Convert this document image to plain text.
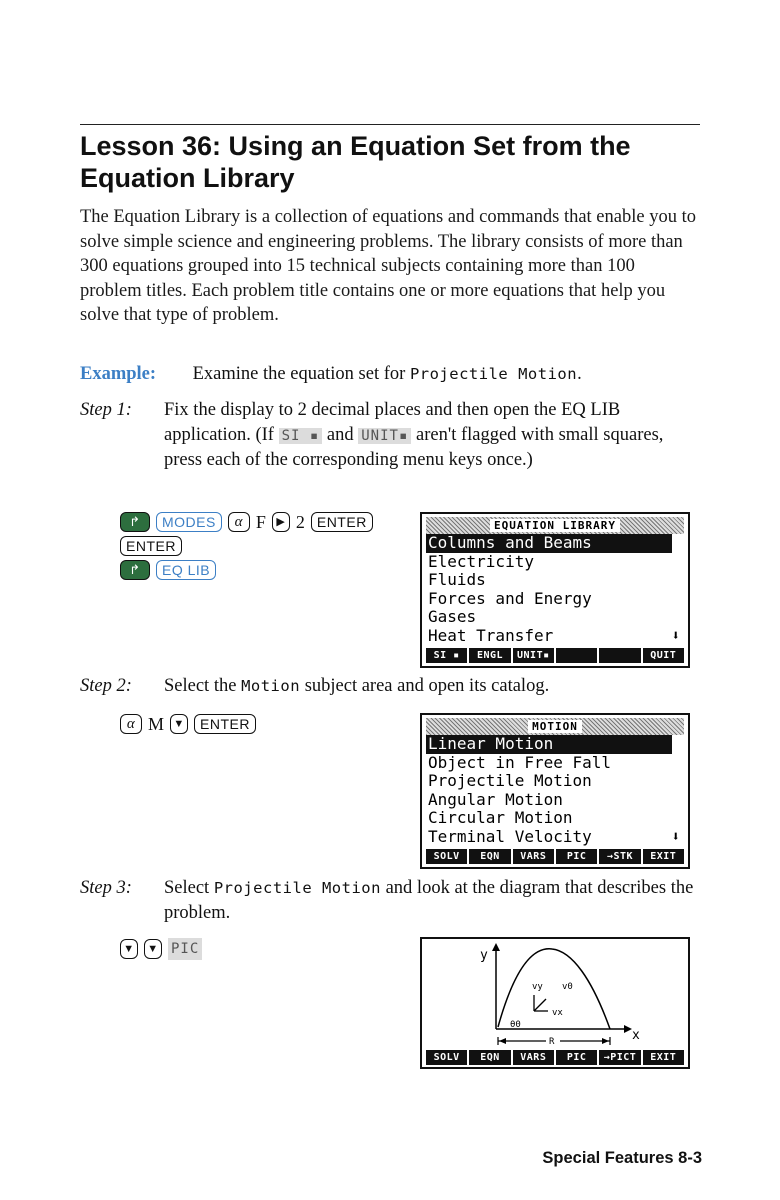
Lesson 36: Using an Equation Set from the Equation Library
The Equation Library is a collection of equations and commands that enable you to solve simple science and engineering problems. The library consists of more than 300 equations grouped into 15 technical subjects containing more than 100 problem titles. Each problem title contains one or more equations that help you solve that type of problem.
Example: Examine the equation set for Projectile Motion.
Step 1: Fix the display to 2 decimal places and then open the EQ LIB application. (If SI ▪ and UNIT▪ aren't flagged with small squares, press each of the corresponding menu keys once.)
↱	MODES	α F ▶ 2 ENTER
ENTER
↱	EQ LIB
EQUATION LIBRARY
Columns and Beams
Electricity
Fluids
Forces and Energy
Gases
Heat Transfer	⬇
SI ▪	ENGL	UNIT▪	QUIT
Step 2: Select the Motion subject area and open its catalog.
α M ▼	ENTER	MOTION
Linear Motion
Object in Free Fall
Projectile Motion
Angular Motion
Circular Motion
Terminal Velocity	⬇
SOLV	EQN	VARS	PIC	→STK	EXIT
Step 3: Select Projectile Motion and look at the diagram that describes the problem.
▼	▼ PIC	y
x
vy v0
vx
θ0
R
SOLV	EQN	VARS	PIC	→PICT	EXIT
Special Features 8-3
